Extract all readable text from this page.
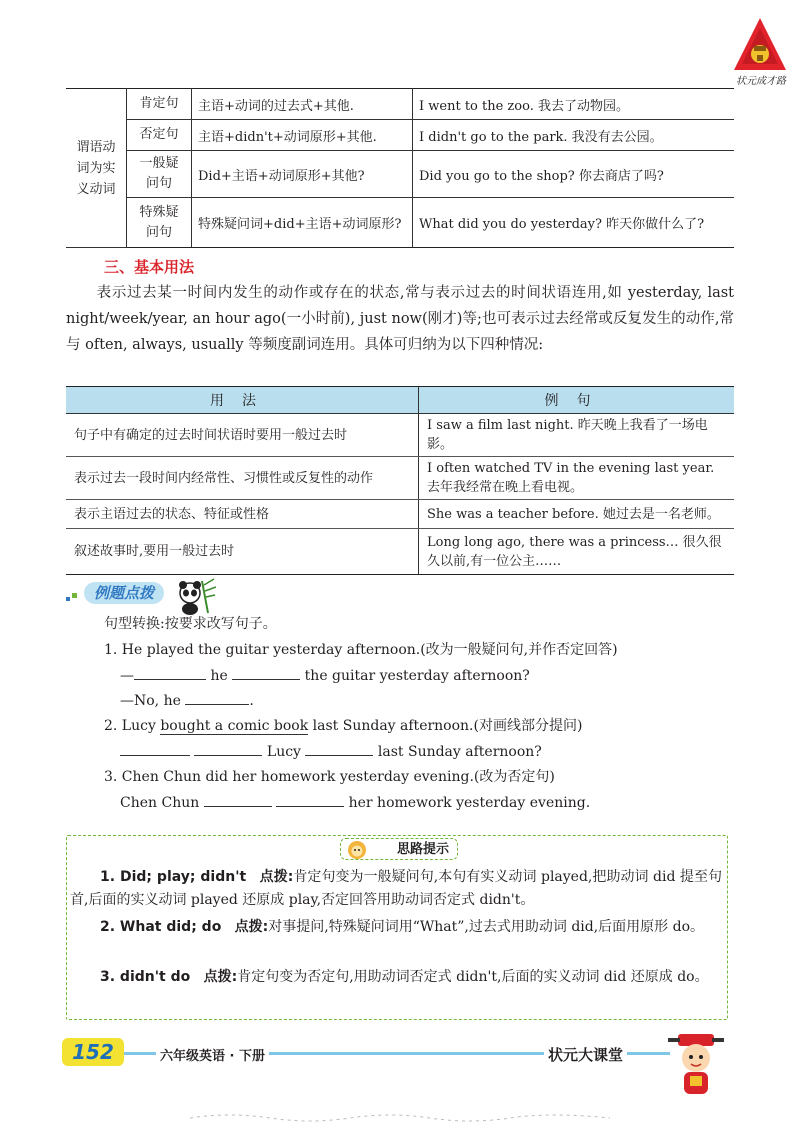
状元成才路
谓语动词为实义动词	肯定句	主语+动词的过去式+其他.	I went to the zoo. 我去了动物园。
	否定句	主语+didn't+动词原形+其他.	I didn't go to the park. 我没有去公园。

	一般疑问句	Did+主语+动词原形+其他?	Did you go to the shop? 你去商店了吗?

	特殊疑问句	特殊疑问词+did+主语+动词原形?	What did you do yesterday? 昨天你做什么了?
三、基本用法

表示过去某一时间内发生的动作或存在的状态,常与表示过去的时间状语连用,如 yesterday, last night/week/year, an hour ago(一小时前), just now(刚才)等;也可表示过去经常或反复发生的动作,常与 often, always, usually 等频度副词连用。具体可归纳为以下四种情况:

用法	例句
句子中有确定的过去时间状语时要用一般过去时	I saw a film last night. 昨天晚上我看了一场电影。
表示过去一段时间内经常性、习惯性或反复性的动作	I often watched TV in the evening last year. 去年我经常在晚上看电视。
表示主语过去的状态、特征或性格	She was a teacher before. 她过去是一名老师。
叙述故事时,要用一般过去时	Long long ago, there was a princess… 很久很久以前,有一位公主……
例题点拨
句型转换:按要求改写句子。
1. He played the guitar yesterday afternoon.(改为一般疑问句,并作否定回答)
—	he	the guitar yesterday afternoon?
—No, he	.
2. Lucy bought a comic book last Sunday afternoon.(对画线部分提问)
Lucy	last Sunday afternoon?
3. Chen Chun did her homework yesterday evening.(改为否定句)
Chen Chun	her homework yesterday evening.
思路提示

1. Did; play; didn't 点拨:肯定句变为一般疑问句,本句有实义动词 played,把助动词 did 提至句首,后面的实义动词 played 还原成 play,否定回答用助动词否定式 didn't。

2. What did; do 点拨:对事提问,特殊疑问词用“What”,过去式用助动词 did,后面用原形 do。

3. didn't do 点拨:肯定句变为否定句,用助动词否定式 didn't,后面的实义动词 did 还原成 do。

152	六年级英语 · 下册	状元大课堂
